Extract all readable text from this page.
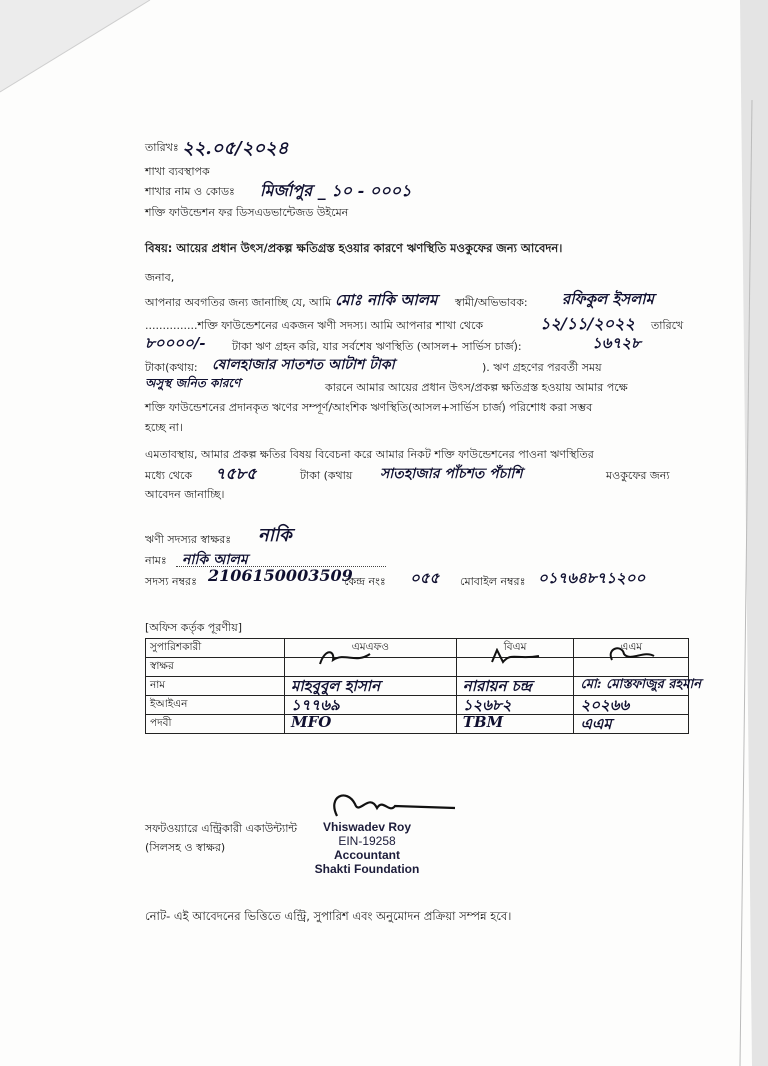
তারিখঃ ২২.০৫/২০২৪
শাখা ব্যবস্থাপক
শাখার নাম ও কোডঃ মির্জাপুর _ ১০ - ০০০১
শক্তি ফাউন্ডেশন ফর ডিসএডভান্টেজড উইমেন
বিষয়: আয়ের প্রধান উৎস/প্রকল্প ক্ষতিগ্রস্ত হওয়ার কারণে ঋণস্থিতি মওকুফের জন্য আবেদন।
জনাব,
আপনার অবগতির জন্য জানাচ্ছি যে, আমি মোঃ নাকি আলম স্বামী/অভিভাবক: রফিকুল ইসলাম
...............শক্তি ফাউন্ডেশনের একজন ঋণী সদস্য। আমি আপনার শাখা থেকে	১২/১১/২০২২ তারিখে
৮০০০০/- টাকা ঋণ গ্রহন করি, যার সর্বশেষ ঋণস্থিতি (আসল+ সার্ভিস চার্জ):	১৬৭২৮
টাকা(কথায়: ষোলহাজার সাতশত আটাশ টাকা	). ঋণ গ্রহণের পরবর্তী সময়
অসুস্থ জনিত কারণে	কারনে আমার আয়ের প্রধান উৎস/প্রকল্প ক্ষতিগ্রস্ত হওয়ায় আমার পক্ষে
শক্তি ফাউন্ডেশনের প্রদানকৃত ঋণের সম্পূর্ণ/আংশিক ঋণস্থিতি(আসল+সার্ভিস চার্জ) পরিশোধ করা সম্ভব
হচ্ছে না।
এমতাবস্থায়, আমার প্রকল্প ক্ষতির বিষয় বিবেচনা করে আমার নিকট শক্তি ফাউন্ডেশনের পাওনা ঋণস্থিতির
মধ্যে থেকে ৭৫৮৫	টাকা (কথায় সাতহাজার পাঁচশত পঁচাশি	মওকুফের জন্য
আবেদন জানাচ্ছি।
ঋণী সদস্যর স্বাক্ষরঃ নাকি
নামঃ নাকি আলম
সদস্য নম্বরঃ 2106150003509
কেন্দ্র নংঃ ০৫৫ মোবাইল নম্বরঃ ০১৭৬৪৮৭১২০০
[অফিস কর্তৃক পূরণীয়]
সুপারিশকারী	এমএফও	বিএম	এএম
স্বাক্ষর	

নাম	মাহবুবুল হাসান	নারায়ন চন্দ্র	মো: মোস্তফাজুর রহমান

ইআইএন	১৭৭৬৯	১২৬৮২	২০২৬৬

পদবী	MFO	TBM	এএম
সফটওয়্যারে এন্ট্রিকারী একাউন্ট্যান্ট
(সিলসহ ও স্বাক্ষর)
Vhiswadev Roy
EIN-19258
Accountant
Shakti Foundation
নোট- এই আবেদনের ভিত্তিতে এন্ট্রি, সুপারিশ এবং অনুমোদন প্রক্রিয়া সম্পন্ন হবে।
